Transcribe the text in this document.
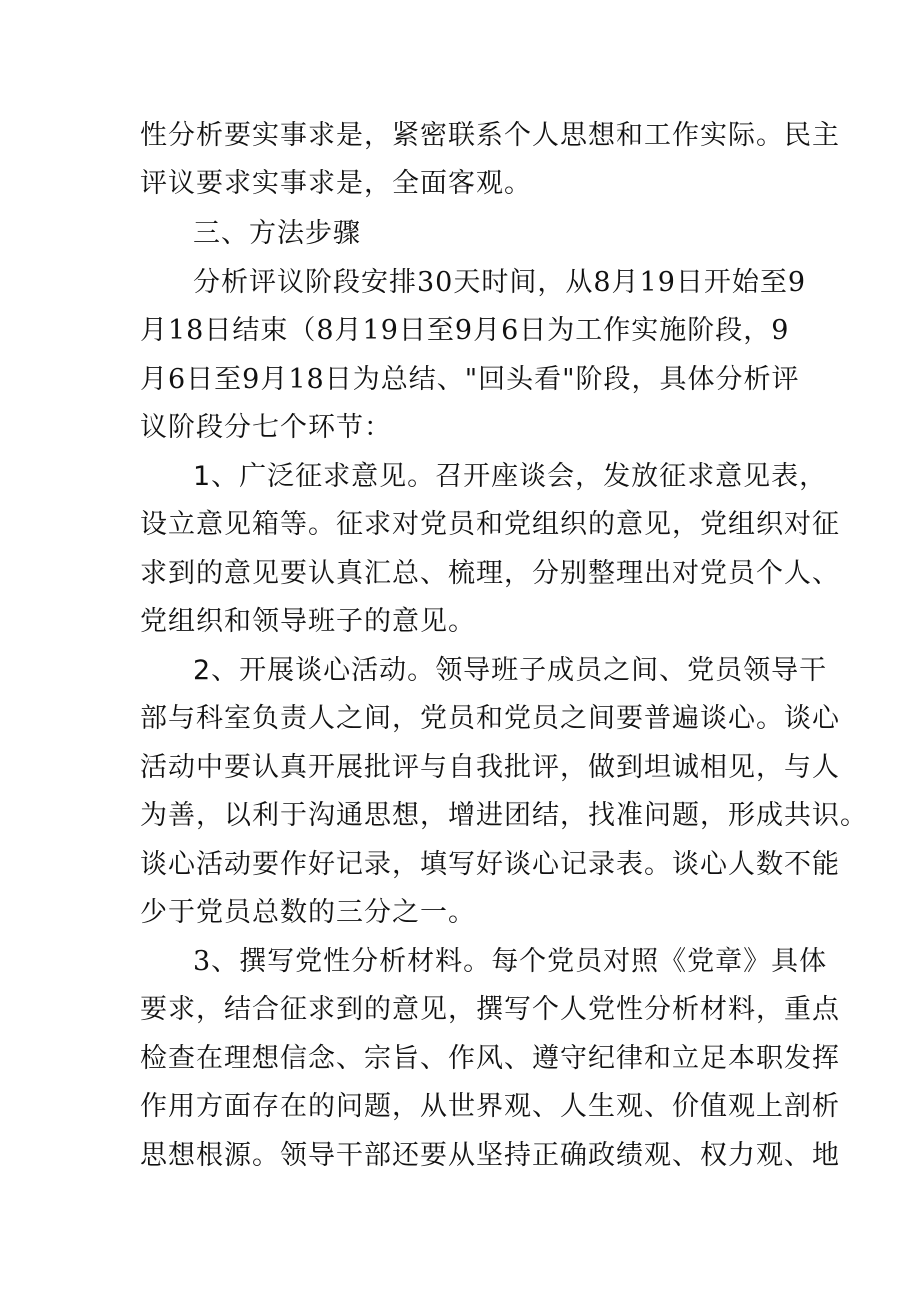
性分析要实事求是，紧密联系个人思想和工作实际。民主
评议要求实事求是，全面客观。
三、方法步骤
分析评议阶段安排30天时间，从8月19日开始至9
月18日结束（8月19日至9月6日为工作实施阶段，9
月6日至9月18日为总结、"回头看"阶段，具体分析评
议阶段分七个环节：
1、广泛征求意见。召开座谈会，发放征求意见表，
设立意见箱等。征求对党员和党组织的意见，党组织对征
求到的意见要认真汇总、梳理，分别整理出对党员个人、
党组织和领导班子的意见。
2、开展谈心活动。领导班子成员之间、党员领导干
部与科室负责人之间，党员和党员之间要普遍谈心。谈心
活动中要认真开展批评与自我批评，做到坦诚相见，与人
为善，以利于沟通思想，增进团结，找准问题，形成共识。
谈心活动要作好记录，填写好谈心记录表。谈心人数不能
少于党员总数的三分之一。
3、撰写党性分析材料。每个党员对照《党章》具体
要求，结合征求到的意见，撰写个人党性分析材料，重点
检查在理想信念、宗旨、作风、遵守纪律和立足本职发挥
作用方面存在的问题，从世界观、人生观、价值观上剖析
思想根源。领导干部还要从坚持正确政绩观、权力观、地
